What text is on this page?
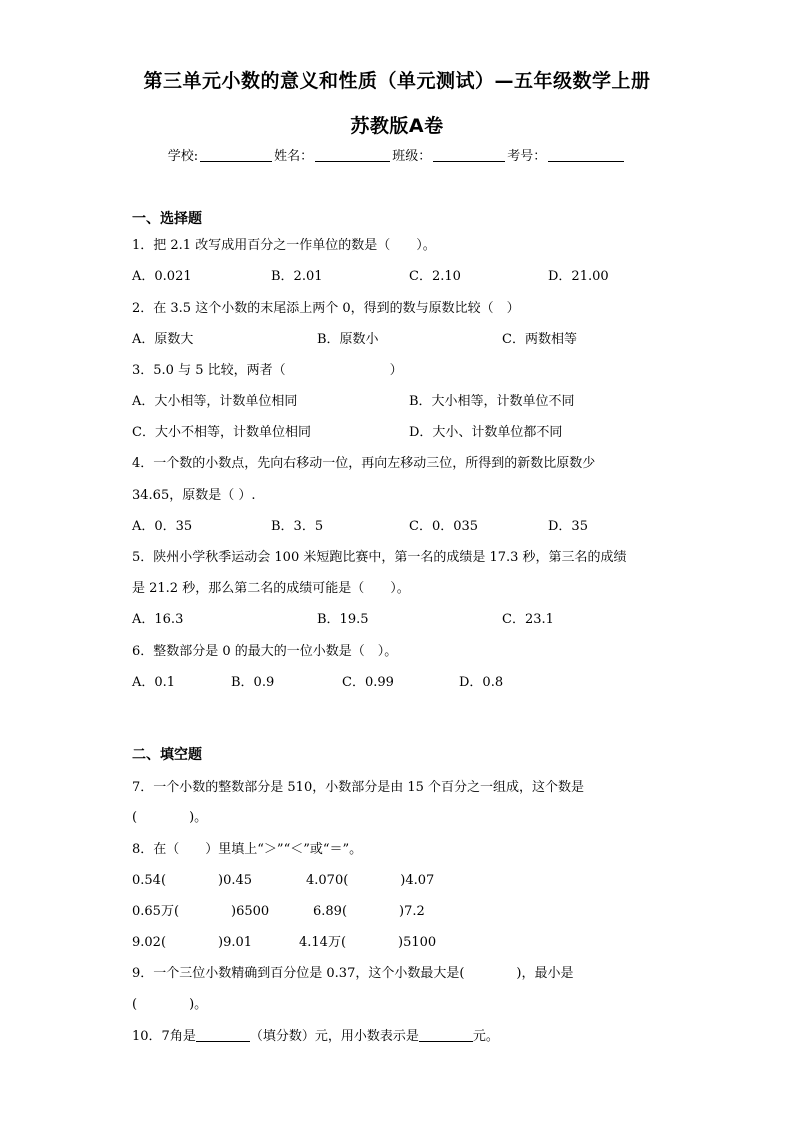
第三单元小数的意义和性质（单元测试）—五年级数学上册
苏教版A卷
学校:	姓名：	班级：	考号：
一、选择题
1．把 2.1 改写成用百分之一作单位的数是（　　）。
A．0.021	B．2.01	C．2.10	D．21.00
2．在 3.5 这个小数的末尾添上两个 0，得到的数与原数比较（　）
A．原数大	B．原数小	C．两数相等
3．5.0 与 5 比较，两者（　　　　　　　　）
A．大小相等，计数单位相同	B．大小相等，计数单位不同
C．大小不相等，计数单位相同	D．大小、计数单位都不同
4．一个数的小数点，先向右移动一位，再向左移动三位，所得到的新数比原数少
34.65，原数是（ ）.
A．0．35	B．3．5	C．0．035	D．35
5．陕州小学秋季运动会 100 米短跑比赛中，第一名的成绩是 17.3 秒，第三名的成绩
是 21.2 秒，那么第二名的成绩可能是（　　）。
A．16.3	B．19.5	C．23.1
6．整数部分是 0 的最大的一位小数是（　）。
A．0.1	B．0.9	C．0.99	D．0.8
二、填空题
7．一个小数的整数部分是 510，小数部分是由 15 个百分之一组成，这个数是
(　　　　)。
8．在（　　）里填上“＞”“＜”或“＝”。
0.54(　　　　)0.45	4.070(　　　　)4.07
0.65万(　　　　)6500	6.89(　　　　)7.2
9.02(　　　　)9.01	4.14万(　　　　)5100
9．一个三位小数精确到百分位是 0.37，这个小数最大是(　　　　)，最小是
(　　　　)。
10．7角是	（填分数）元，用小数表示是	元。
